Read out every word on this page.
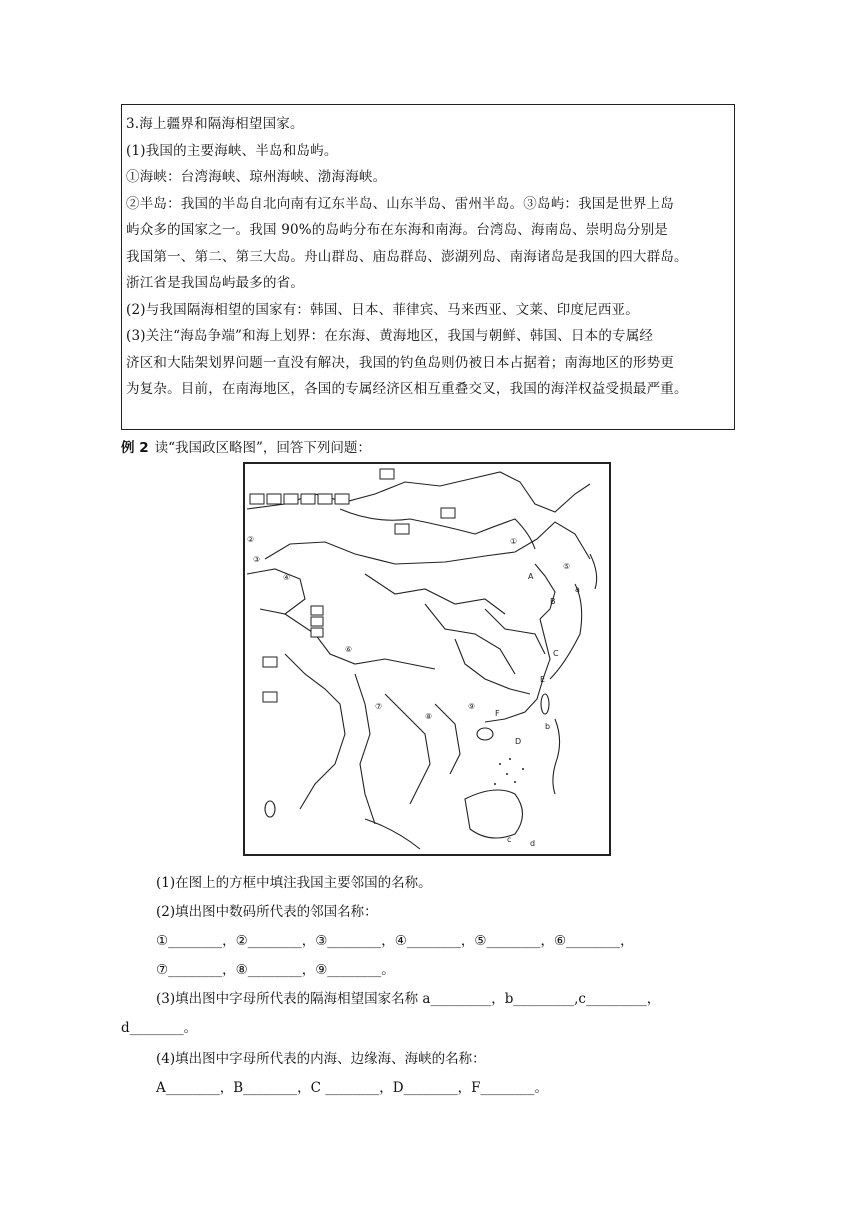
3.海上疆界和隔海相望国家。

(1)我国的主要海峡、半岛和岛屿。

①海峡：台湾海峡、琼州海峡、渤海海峡。

②半岛：我国的半岛自北向南有辽东半岛、山东半岛、雷州半岛。③岛屿：我国是世界上岛

屿众多的国家之一。我国 90%的岛屿分布在东海和南海。台湾岛、海南岛、崇明岛分别是

我国第一、第二、第三大岛。舟山群岛、庙岛群岛、澎湖列岛、南海诸岛是我国的四大群岛。

浙江省是我国岛屿最多的省。

(2)与我国隔海相望的国家有：韩国、日本、菲律宾、马来西亚、文莱、印度尼西亚。

(3)关注“海岛争端”和海上划界：在东海、黄海地区，我国与朝鲜、韩国、日本的专属经

济区和大陆架划界问题一直没有解决，我国的钓鱼岛则仍被日本占据着；南海地区的形势更

为复杂。目前，在南海地区，各国的专属经济区相互重叠交叉，我国的海洋权益受损最严重。

例 2 读“我国政区略图”，回答下列问题：
①
②
③
④
⑤
⑥
⑦
⑧
⑨
A
B
C
D
E
F
a
b
c d

(1)在图上的方框中填注我国主要邻国的名称。

(2)填出图中数码所代表的邻国名称：

①________，②________，③________，④________，⑤________，⑥________，

⑦________，⑧________，⑨________。

(3)填出图中字母所代表的隔海相望国家名称 a_________，b_________,c_________，

d________。

(4)填出图中字母所代表的内海、边缘海、海峡的名称：

A________，B________，C ________，D________，F________。
